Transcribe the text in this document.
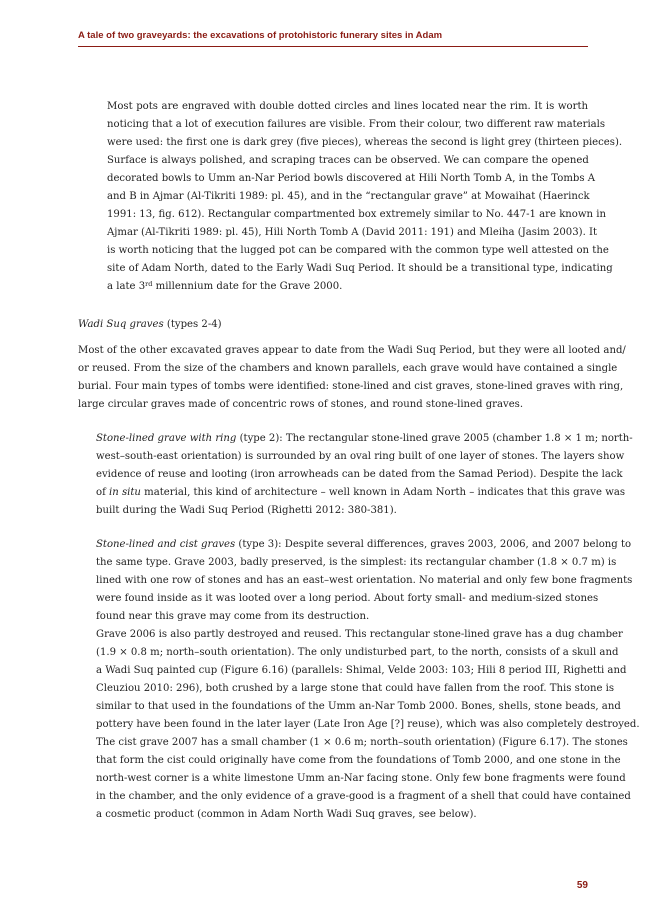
A tale of two graveyards: the excavations of protohistoric funerary sites in Adam
Most pots are engraved with double dotted circles and lines located near the rim. It is worth
noticing that a lot of execution failures are visible. From their colour, two different raw materials
were used: the first one is dark grey (five pieces), whereas the second is light grey (thirteen pieces).
Surface is always polished, and scraping traces can be observed. We can compare the opened
decorated bowls to Umm an-Nar Period bowls discovered at Hili North Tomb A, in the Tombs A
and B in Ajmar (Al-Tikriti 1989: pl. 45), and in the “rectangular grave” at Mowaihat (Haerinck
1991: 13, fig. 612). Rectangular compartmented box extremely similar to No. 447-1 are known in
Ajmar (Al-Tikriti 1989: pl. 45), Hili North Tomb A (David 2011: 191) and Mleiha (Jasim 2003). It
is worth noticing that the lugged pot can be compared with the common type well attested on the
site of Adam North, dated to the Early Wadi Suq Period. It should be a transitional type, indicating
a late 3rd millennium date for the Grave 2000.
Wadi Suq graves (types 2-4)
Most of the other excavated graves appear to date from the Wadi Suq Period, but they were all looted and/
or reused. From the size of the chambers and known parallels, each grave would have contained a single
burial. Four main types of tombs were identified: stone-lined and cist graves, stone-lined graves with ring,
large circular graves made of concentric rows of stones, and round stone-lined graves.
Stone-lined grave with ring (type 2): The rectangular stone-lined grave 2005 (chamber 1.8 × 1 m; north-
west–south-east orientation) is surrounded by an oval ring built of one layer of stones. The layers show
evidence of reuse and looting (iron arrowheads can be dated from the Samad Period). Despite the lack
of in situ material, this kind of architecture – well known in Adam North – indicates that this grave was
built during the Wadi Suq Period (Righetti 2012: 380-381).
Stone-lined and cist graves (type 3): Despite several differences, graves 2003, 2006, and 2007 belong to
the same type. Grave 2003, badly preserved, is the simplest: its rectangular chamber (1.8 × 0.7 m) is
lined with one row of stones and has an east–west orientation. No material and only few bone fragments
were found inside as it was looted over a long period. About forty small- and medium-sized stones
found near this grave may come from its destruction.
Grave 2006 is also partly destroyed and reused. This rectangular stone-lined grave has a dug chamber
(1.9 × 0.8 m; north–south orientation). The only undisturbed part, to the north, consists of a skull and
a Wadi Suq painted cup (Figure 6.16) (parallels: Shimal, Velde 2003: 103; Hili 8 period III, Righetti and
Cleuziou 2010: 296), both crushed by a large stone that could have fallen from the roof. This stone is
similar to that used in the foundations of the Umm an-Nar Tomb 2000. Bones, shells, stone beads, and
pottery have been found in the later layer (Late Iron Age [?] reuse), which was also completely destroyed.
The cist grave 2007 has a small chamber (1 × 0.6 m; north–south orientation) (Figure 6.17). The stones
that form the cist could originally have come from the foundations of Tomb 2000, and one stone in the
north-west corner is a white limestone Umm an-Nar facing stone. Only few bone fragments were found
in the chamber, and the only evidence of a grave-good is a fragment of a shell that could have contained
a cosmetic product (common in Adam North Wadi Suq graves, see below).
59
